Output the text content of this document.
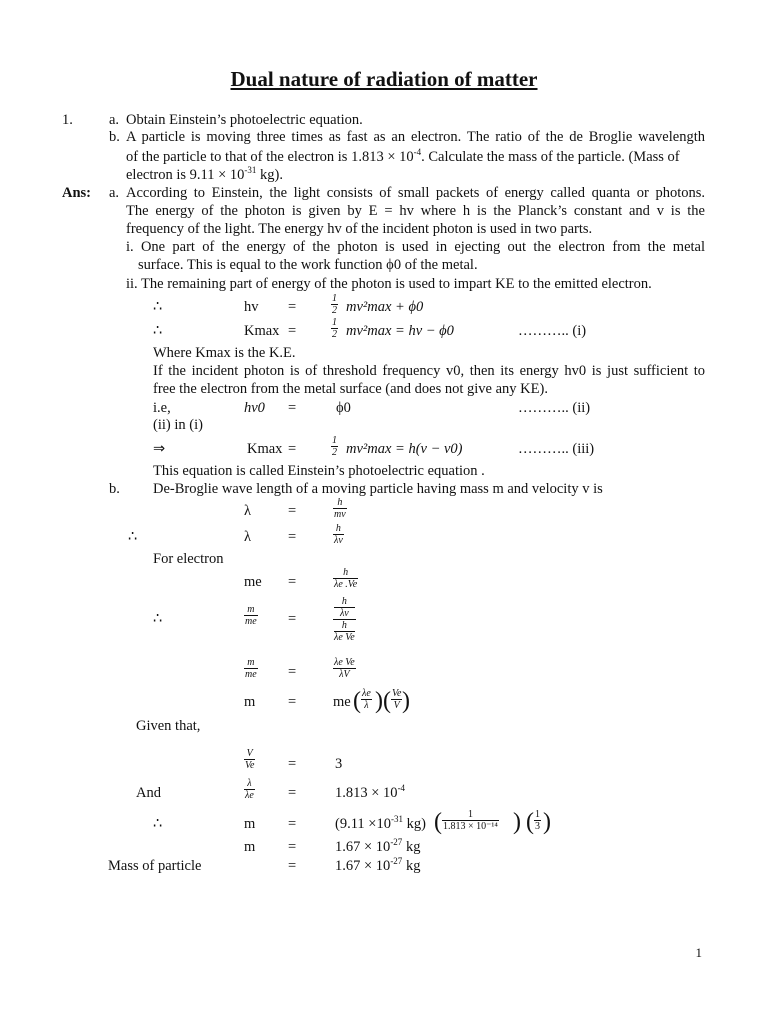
Dual nature of radiation of matter
1. a. Obtain Einstein’s photoelectric equation.
b. A particle is moving three times as fast as an electron. The ratio of the de Broglie wavelength
of the particle to that of the electron is $1.813 \times 10^{-4}$. Calculate the mass of the particle. (Mass of
electron is $9.11 \times 10^{-31}$ kg).
Ans: a. According to Einstein, the light consists of small packets of energy called quanta or photons.
The energy of the photon is given by E = hv where h is the Planck’s constant and v is the
frequency of the light. The energy hv of the incident photon is used in two parts.
i. One part of the energy of the photon is used in ejecting out the electron from the metal
surface. This is equal to the work function ϕ0 of the metal.
ii. The remaining part of energy of the photon is used to impart KE to the emitted electron.
∴	hv =	$\frac{1}{2} mv^2\max + \phi 0$
∴	Kmax =	$\frac{1}{2} mv^2\max$ = hv − ϕ0	……….. (i)
Where Kmax is the K.E.
If the incident photon is of threshold frequency v0, then its energy hv0 is just sufficient to
free the electron from the metal surface (and does not give any KE).
i.e,	hv0 =	ϕ0	……….. (ii)
(ii) in (i)
⇒	Kmax =	$\frac{1}{2} mv^2\max = h(v - v0)$	……….. (iii)
This equation is called Einstein’s photoelectric equation .
b. De-Broglie wave length of a moving particle having mass m and velocity v is
λ	=	$\frac{h}{mv}$
∴	λ	=	$\frac{h}{\lambda v}$
For electron
me =	$\frac{h}{\lambda e .Ve}$
∴	$\frac{m}{me}$ =
h
λv
h
λe Ve
$\frac{m}{me}$ =	$\frac{\text{λe Ve}}{\lambda V}$
m =	me ( $\frac{\lambda e}{\lambda}$ ) ( $\frac{Ve}{V}$ )
Given that,
$\frac{V}{Ve}$ =	3
And	$\frac{\lambda}{\lambda e}$ =	$1.813 \times 10^{-4}$
∴	m =	($9.11 \times 10^{-31}$ kg) ( $\frac{1}{\text{1.813 × 10⁻¹⁴}}$ ) ( $\frac{1}{3}$ )
m =	$1.67 \times 10^{-27}$ kg
Mass of particle	=	$1.67 \times 10^{-27}$ kg
1
